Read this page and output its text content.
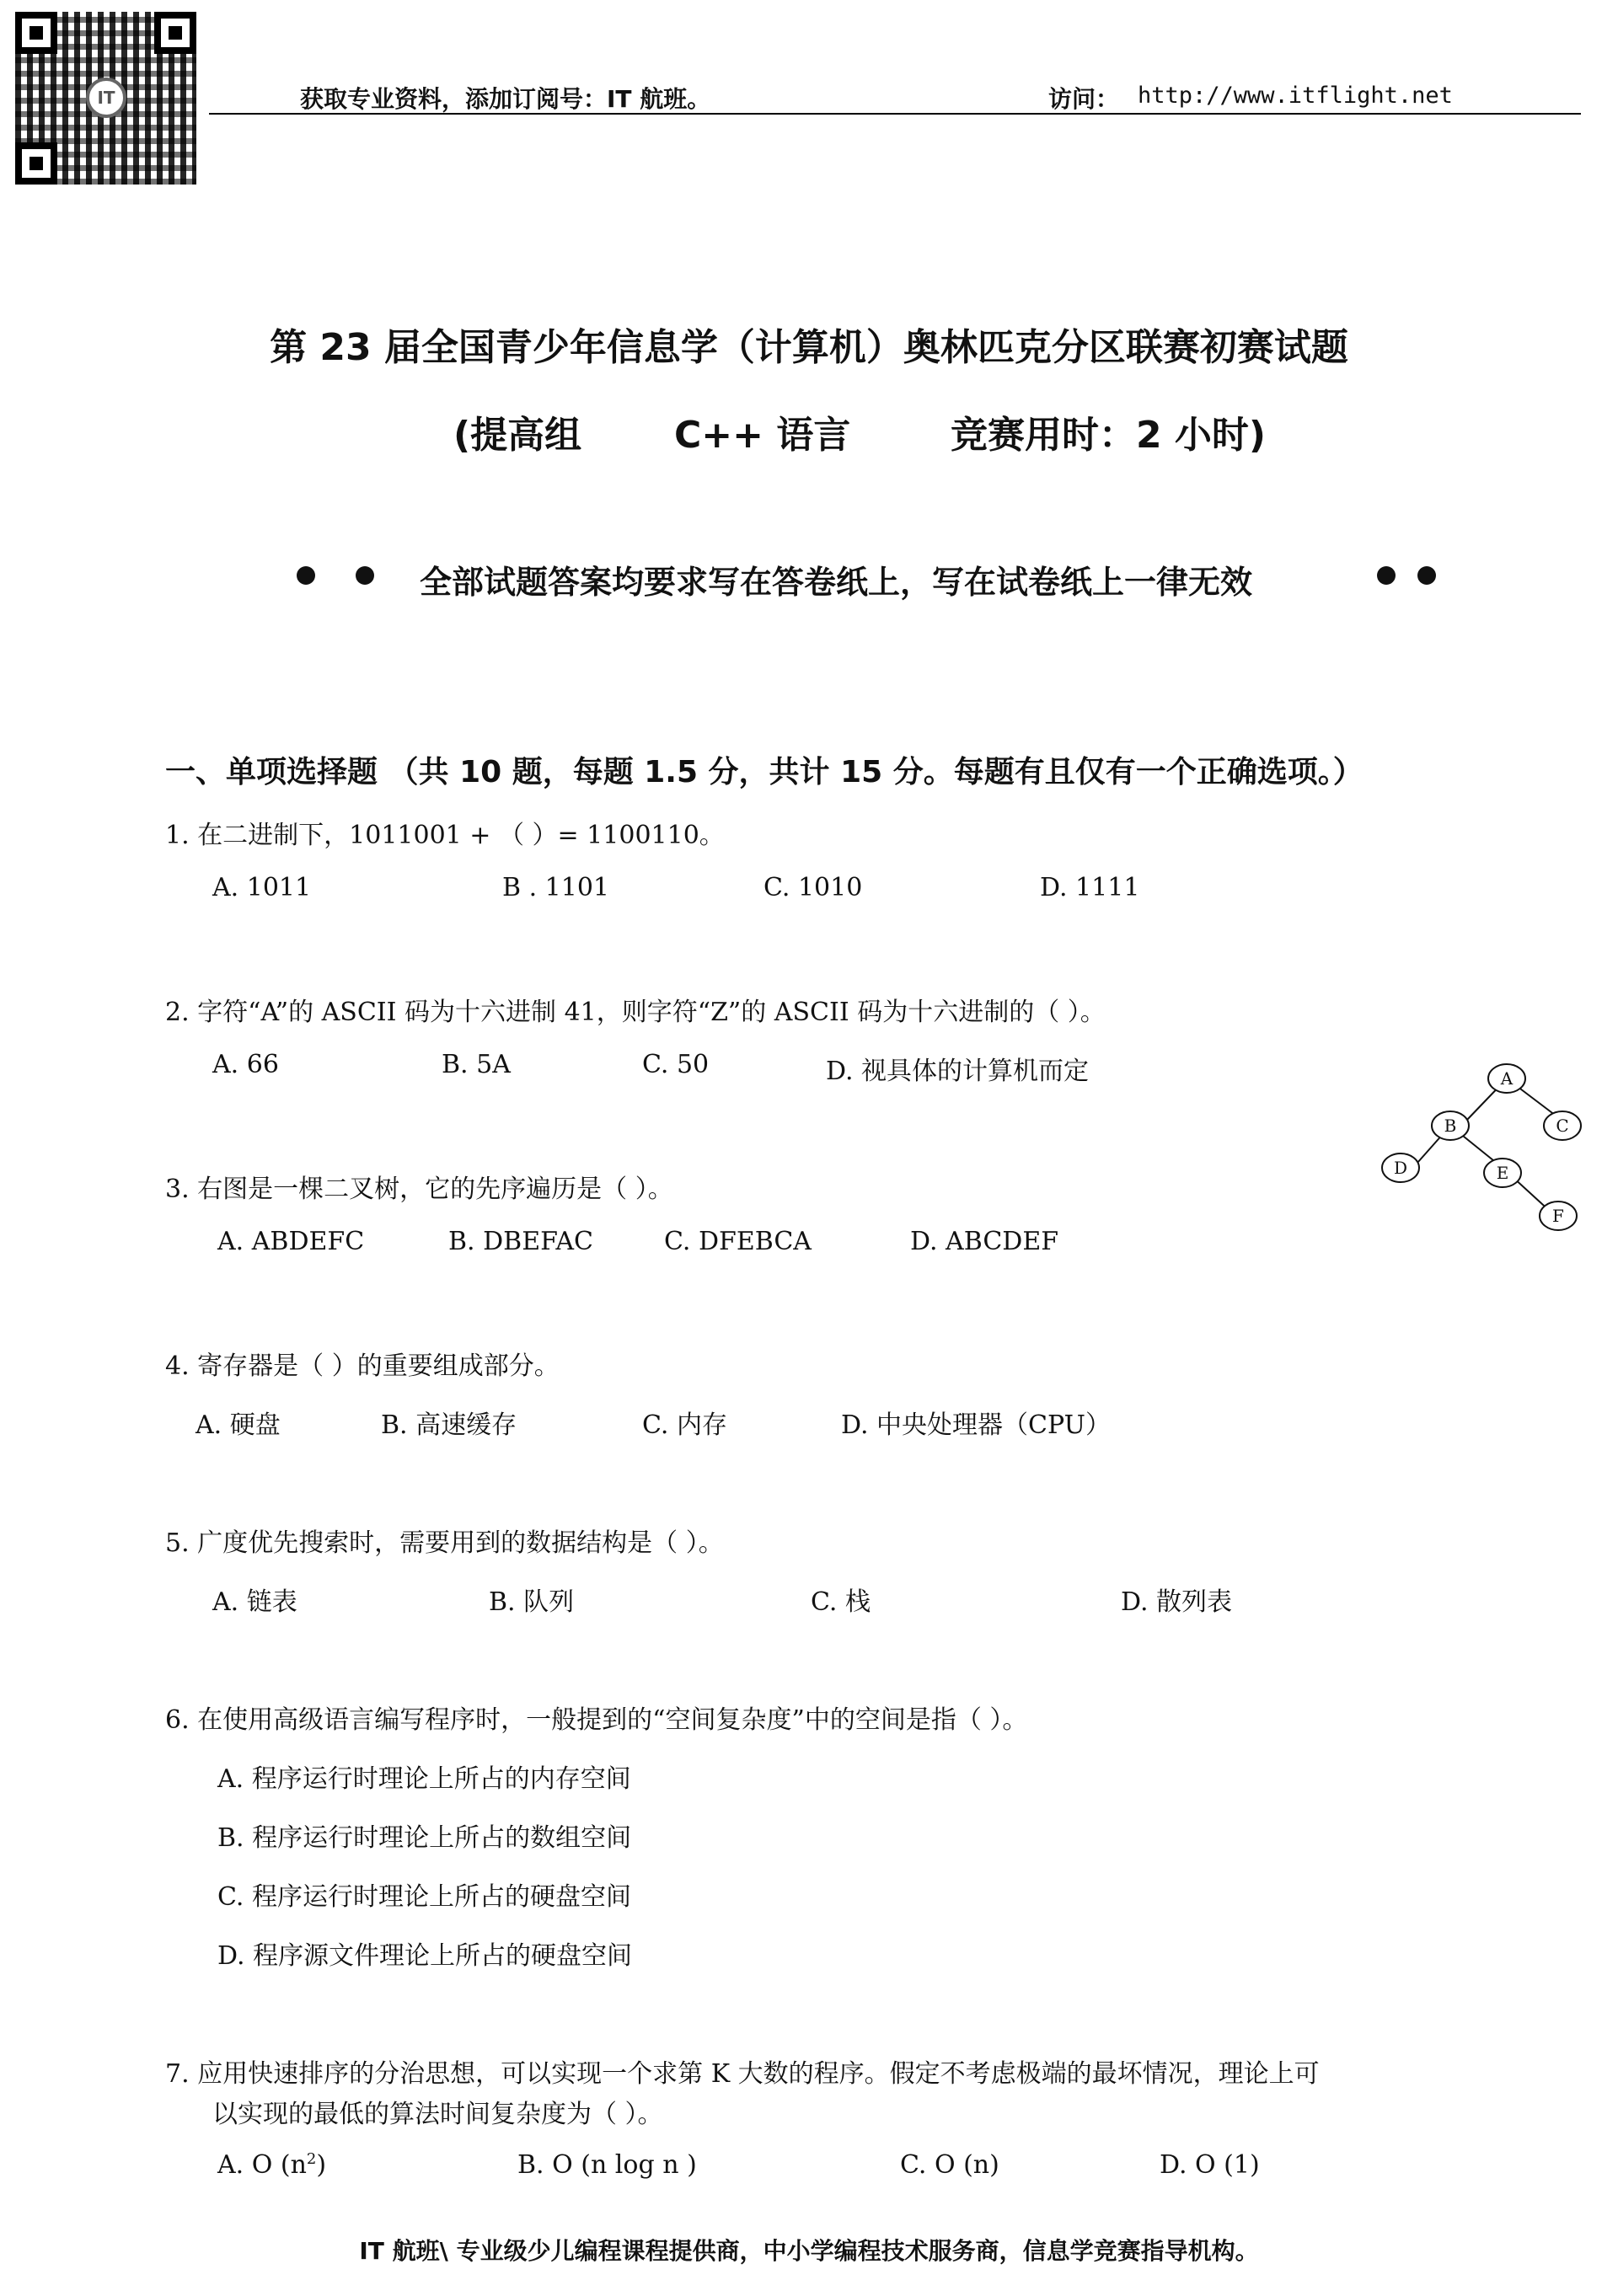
IT	获取专业资料，添加订阅号：IT 航班。	访问： http://www.itflight.net
第 23 届全国青少年信息学（计算机）奥林匹克分区联赛初赛试题
(提高组 C++ 语言	竞赛用时：2 小时)
全部试题答案均要求写在答卷纸上，写在试卷纸上一律无效
一、单项选择题 （共 10 题，每题 1.5 分，共计 15 分。每题有且仅有一个正确选项。）
1. 在二进制下，1011001 + （ ）= 1100110。
A. 1011	B . 1101	C. 1010	D. 1111
2. 字符“A”的 ASCII 码为十六进制 41，则字符“Z”的 ASCII 码为十六进制的（ ）。
A. 66	B. 5A	C. 50	D. 视具体的计算机而定	A
B	C
D	E
F
3. 右图是一棵二叉树，它的先序遍历是（ ）。
A. ABDEFC	B. DBEFAC	C. DFEBCA	D. ABCDEF
4. 寄存器是（ ）的重要组成部分。
A. 硬盘	B. 高速缓存	C. 内存	D. 中央处理器（CPU）
5. 广度优先搜索时，需要用到的数据结构是（ ）。
A. 链表	B. 队列	C. 栈	D. 散列表
6. 在使用高级语言编写程序时，一般提到的“空间复杂度”中的空间是指（ ）。
A. 程序运行时理论上所占的内存空间
B. 程序运行时理论上所占的数组空间
C. 程序运行时理论上所占的硬盘空间
D. 程序源文件理论上所占的硬盘空间
7. 应用快速排序的分治思想，可以实现一个求第 K 大数的程序。假定不考虑极端的最坏情况，理论上可
以实现的最低的算法时间复杂度为（ ）。
A. O $(n^2)$	B. O (n log n )	C. O (n)	D. O (1)
IT 航班\ 专业级少儿编程课程提供商，中小学编程技术服务商，信息学竞赛指导机构。
